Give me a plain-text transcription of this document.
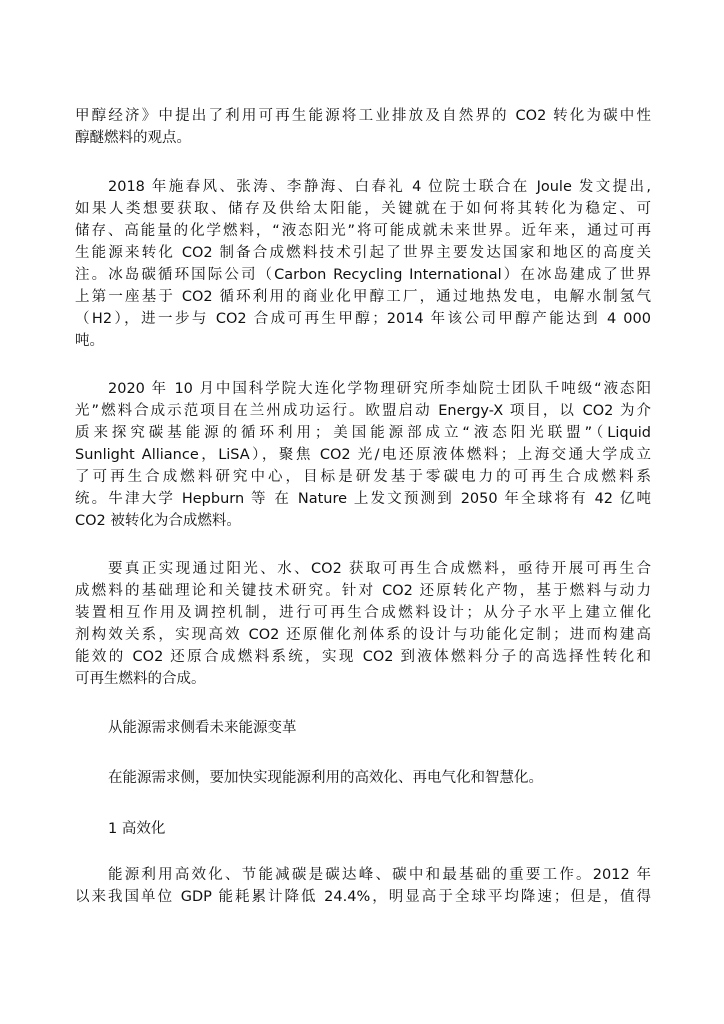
甲醇经济》中提出了利用可再生能源将工业排放及自然界的 CO2 转化为碳中性
醇醚燃料的观点。
2018 年施春风、张涛、李静海、白春礼 4 位院士联合在 Joule 发文提出,
如果人类想要获取、储存及供给太阳能，关键就在于如何将其转化为稳定、可
储存、高能量的化学燃料，“液态阳光”将可能成就未来世界。近年来，通过可再
生能源来转化 CO2 制备合成燃料技术引起了世界主要发达国家和地区的高度关
注。冰岛碳循环国际公司（Carbon Recycling International）在冰岛建成了世界
上第一座基于 CO2 循环利用的商业化甲醇工厂，通过地热发电，电解水制氢气
（H2），进一步与 CO2 合成可再生甲醇；2014 年该公司甲醇产能达到 4 000
吨。
2020 年 10 月中国科学院大连化学物理研究所李灿院士团队千吨级“液态阳
光”燃料合成示范项目在兰州成功运行。欧盟启动 Energy-X 项目，以 CO2 为介
质来探究碳基能源的循环利用；美国能源部成立“液态阳光联盟”（Liquid
Sunlight Alliance，LiSA），聚焦 CO2 光/电还原液体燃料；上海交通大学成立
了可再生合成燃料研究中心，目标是研发基于零碳电力的可再生合成燃料系
统。牛津大学 Hepburn 等 在 Nature 上发文预测到 2050 年全球将有 42 亿吨
CO2 被转化为合成燃料。
要真正实现通过阳光、水、CO2 获取可再生合成燃料，亟待开展可再生合
成燃料的基础理论和关键技术研究。针对 CO2 还原转化产物，基于燃料与动力
装置相互作用及调控机制，进行可再生合成燃料设计；从分子水平上建立催化
剂构效关系，实现高效 CO2 还原催化剂体系的设计与功能化定制；进而构建高
能效的 CO2 还原合成燃料系统，实现 CO2 到液体燃料分子的高选择性转化和
可再生燃料的合成。

从能源需求侧看未来能源变革

在能源需求侧，要加快实现能源利用的高效化、再电气化和智慧化。

1 高效化

能源利用高效化、节能减碳是碳达峰、碳中和最基础的重要工作。2012 年
以来我国单位 GDP 能耗累计降低 24.4%，明显高于全球平均降速；但是，值得
